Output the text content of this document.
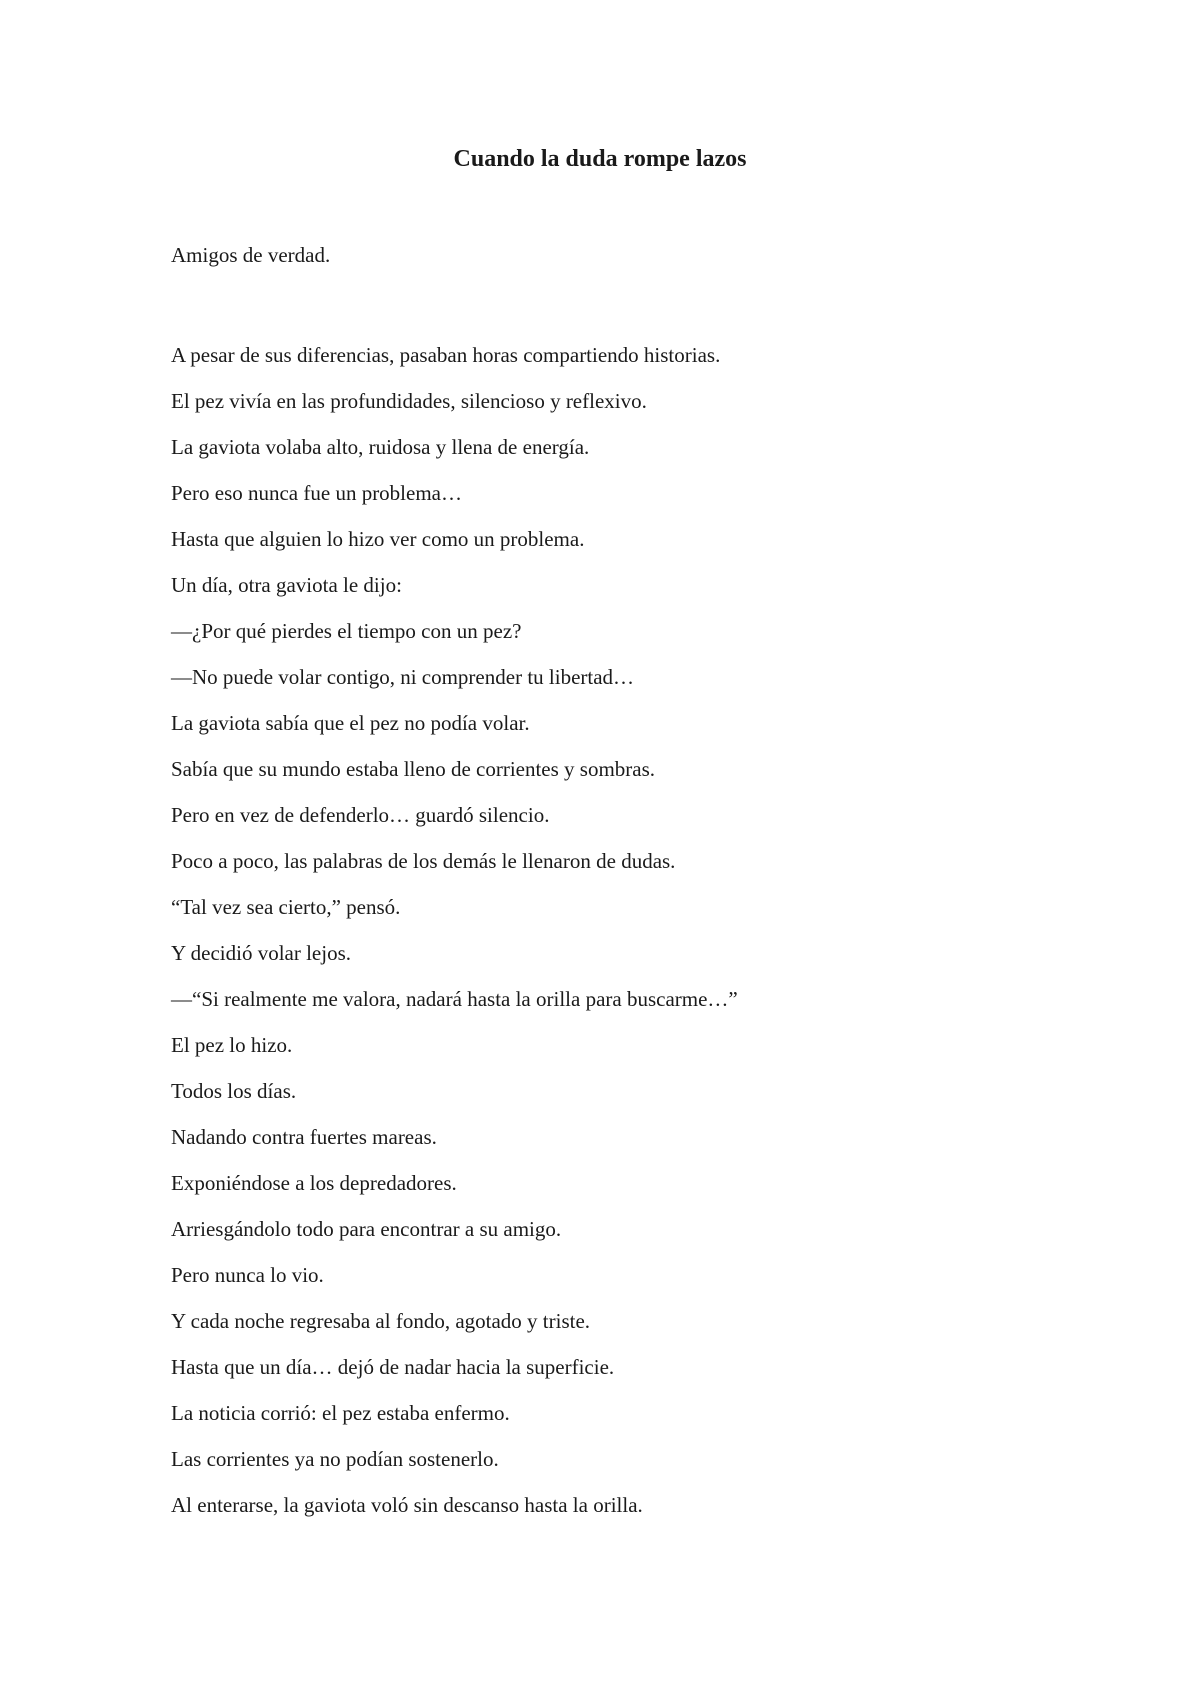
Cuando la duda rompe lazos

Amigos de verdad.

A pesar de sus diferencias, pasaban horas compartiendo historias.
El pez vivía en las profundidades, silencioso y reflexivo.
La gaviota volaba alto, ruidosa y llena de energía.
Pero eso nunca fue un problema…
Hasta que alguien lo hizo ver como un problema.
Un día, otra gaviota le dijo:
—¿Por qué pierdes el tiempo con un pez?
—No puede volar contigo, ni comprender tu libertad…
La gaviota sabía que el pez no podía volar.
Sabía que su mundo estaba lleno de corrientes y sombras.
Pero en vez de defenderlo… guardó silencio.
Poco a poco, las palabras de los demás le llenaron de dudas.
“Tal vez sea cierto,” pensó.
Y decidió volar lejos.
—“Si realmente me valora, nadará hasta la orilla para buscarme…”
El pez lo hizo.
Todos los días.
Nadando contra fuertes mareas.
Exponiéndose a los depredadores.
Arriesgándolo todo para encontrar a su amigo.
Pero nunca lo vio.
Y cada noche regresaba al fondo, agotado y triste.
Hasta que un día… dejó de nadar hacia la superficie.
La noticia corrió: el pez estaba enfermo.
Las corrientes ya no podían sostenerlo.
Al enterarse, la gaviota voló sin descanso hasta la orilla.
